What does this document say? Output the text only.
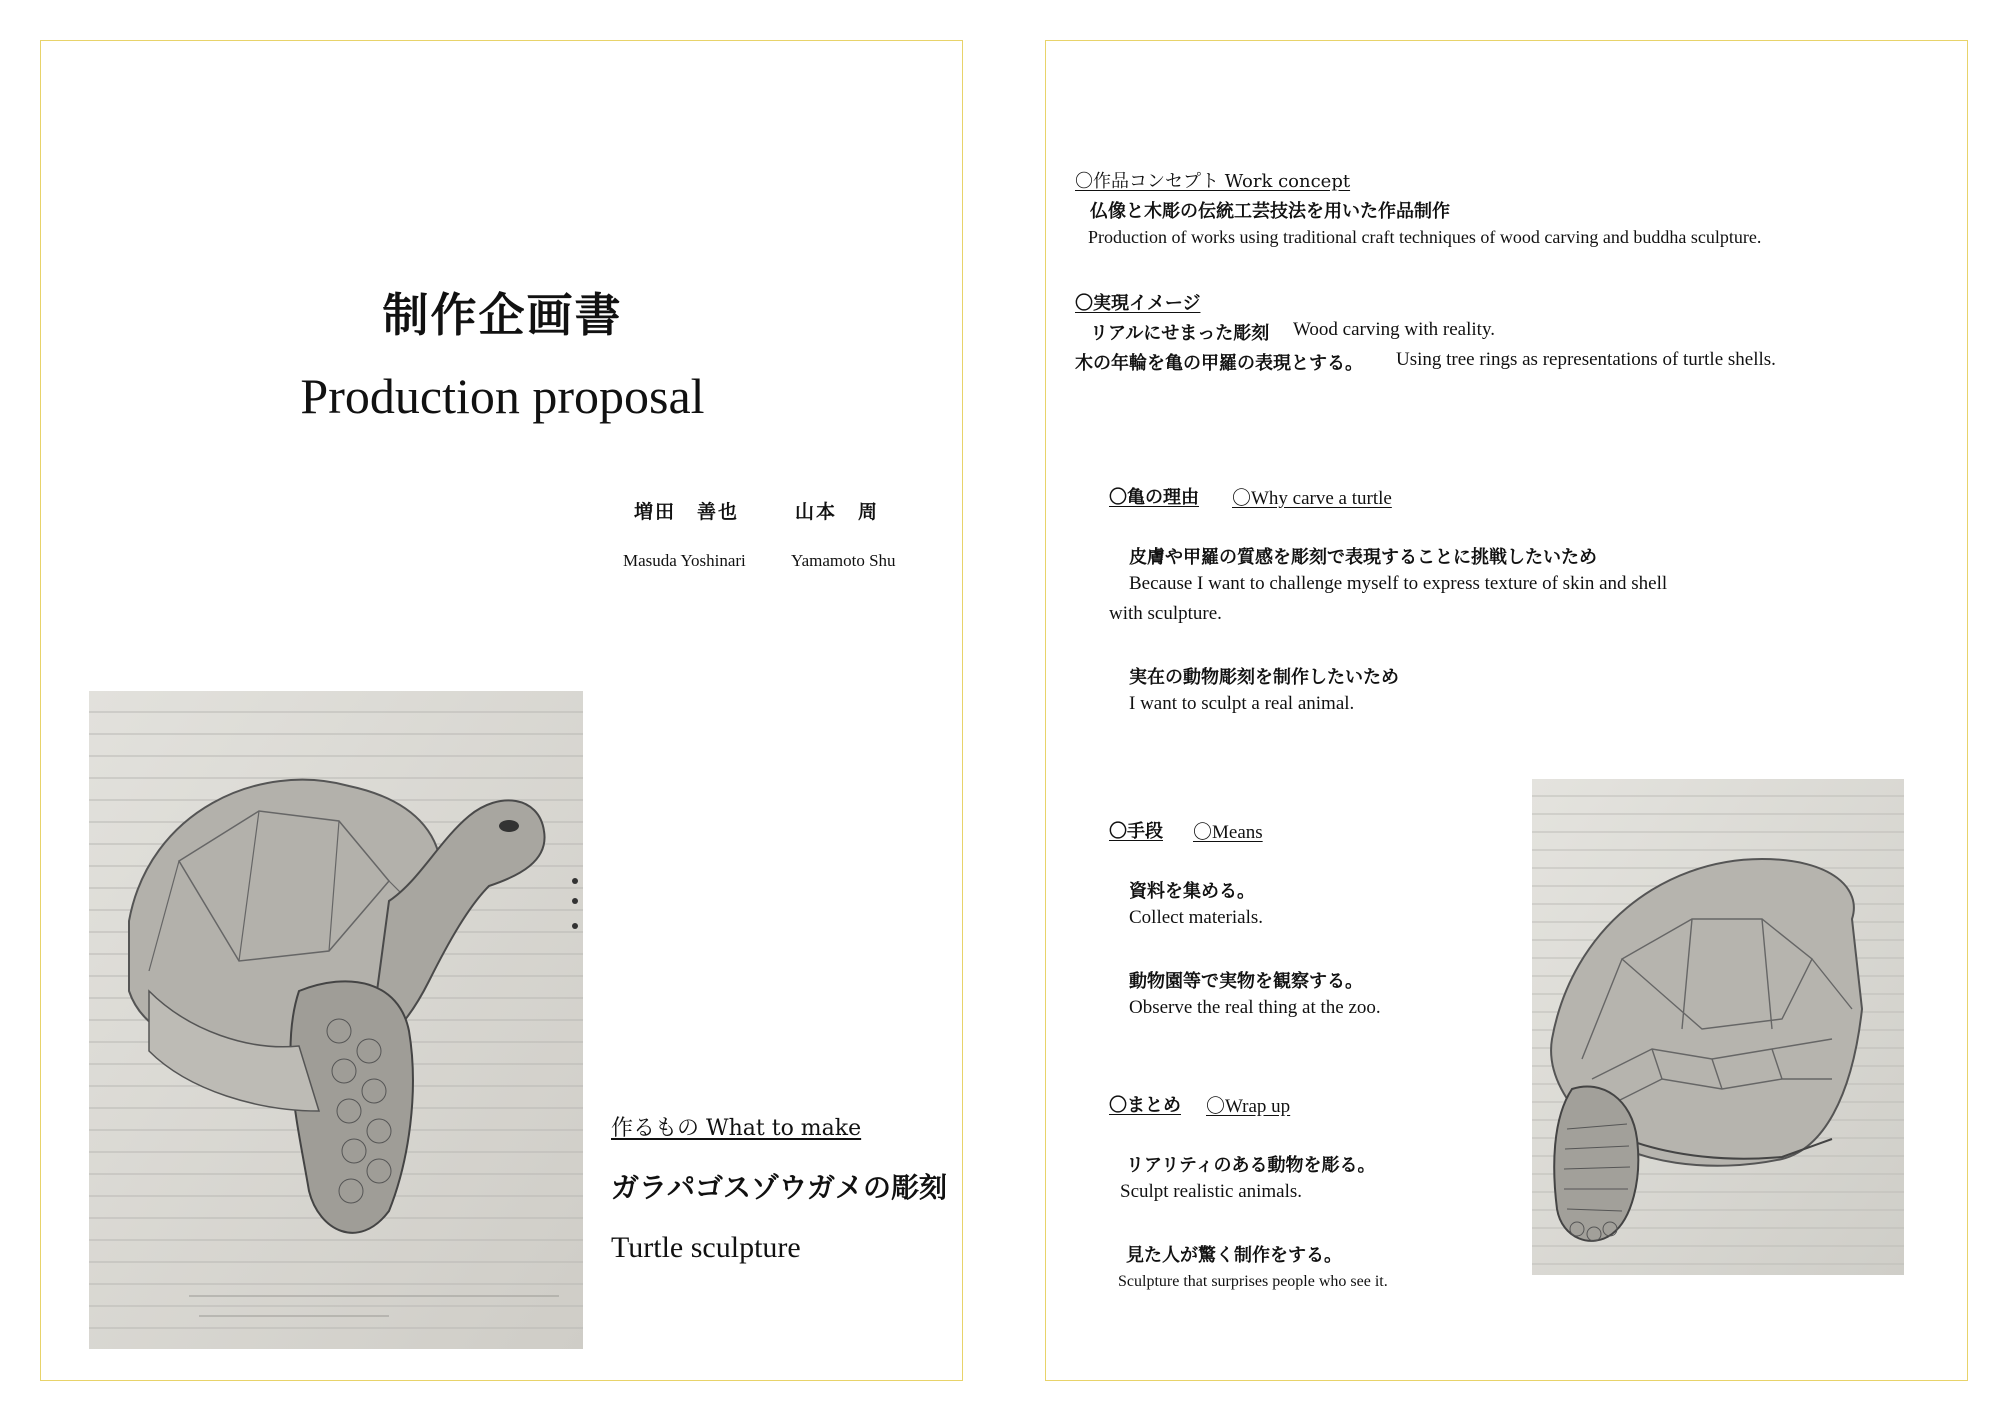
制作企画書
Production proposal
増田　善也	山本　周
Masuda Yoshinari	Yamamoto Shu
作るもの What to make
ガラパゴスゾウガメの彫刻
Turtle sculpture
〇作品コンセプト Work concept
仏像と木彫の伝統工芸技法を用いた作品制作
Production of works using traditional craft techniques of wood carving and buddha sculpture.
〇実現イメージ
リアルにせまった彫刻 Wood carving with reality.
木の年輪を亀の甲羅の表現とする。 Using tree rings as representations of turtle shells.
〇亀の理由 〇Why carve a turtle
皮膚や甲羅の質感を彫刻で表現することに挑戦したいため
Because I want to challenge myself to express texture of skin and shell
with sculpture.
実在の動物彫刻を制作したいため
I want to sculpt a real animal.
〇手段 〇Means
資料を集める。
Collect materials.
動物園等で実物を観察する。
Observe the real thing at the zoo.
〇まとめ 〇Wrap up
リアリティのある動物を彫る。
Sculpt realistic animals.
見た人が驚く制作をする。
Sculpture that surprises people who see it.
